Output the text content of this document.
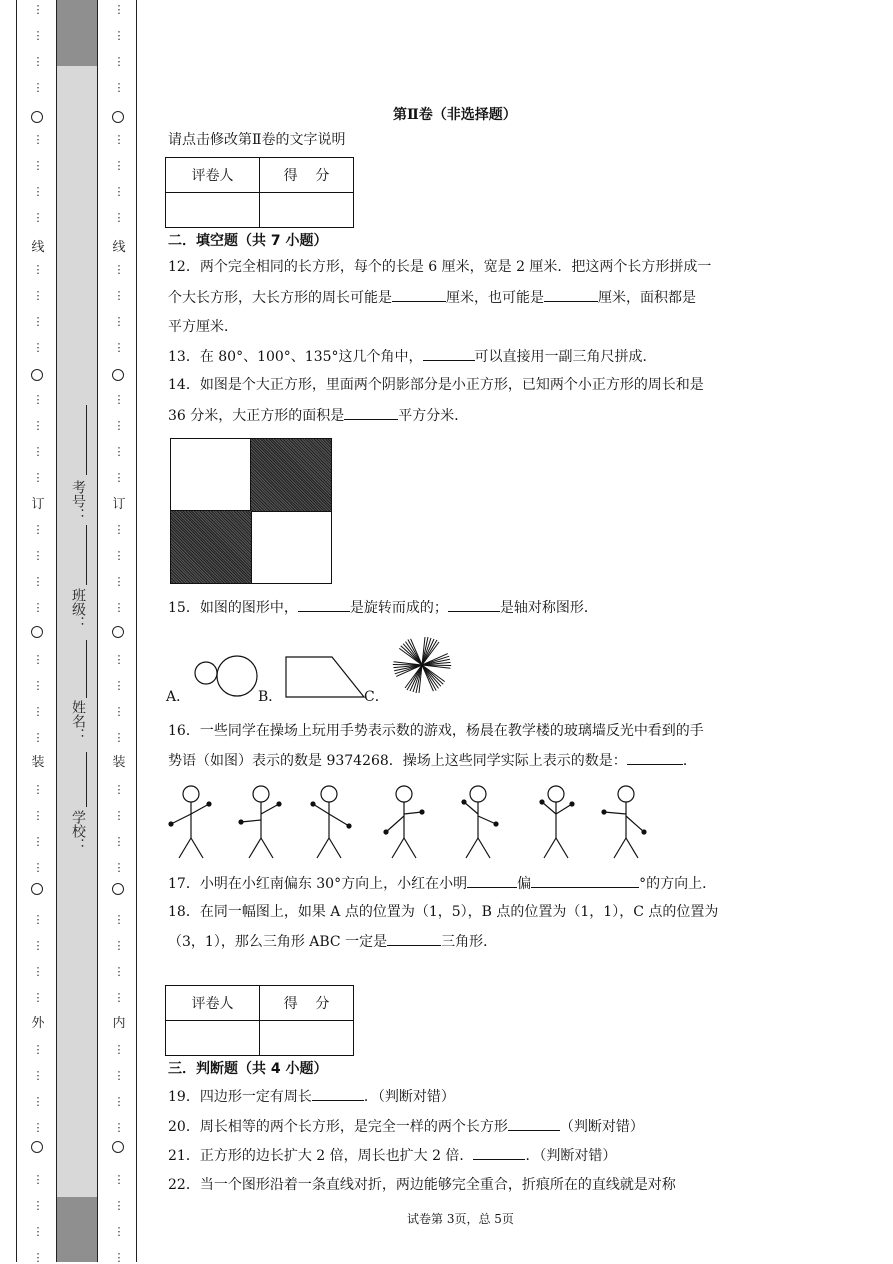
线
外
线
订
装
内
订
装
考号：
班级：
姓名：
学校：
第Ⅱ卷（非选择题）
请点击修改第Ⅱ卷的文字说明
评卷人	得    分

二．填空题（共 7 小题）
12．两个完全相同的长方形，每个的长是 6 厘米，宽是 2 厘米．把这两个长方形拼成一
个大长方形，大长方形的周长可能是	厘米，也可能是	厘米，面积都是
平方厘米．
13．在 80°、100°、135°这几个角中，	可以直接用一副三角尺拼成．
14．如图是个大正方形，里面两个阴影部分是小正方形，已知两个小正方形的周长和是
36 分米，大正方形的面积是	平方分米．
15．如图的图形中，	是旋转而成的；	是轴对称图形．
A．	B．	C．
16．一些同学在操场上玩用手势表示数的游戏，杨晨在教学楼的玻璃墙反光中看到的手
势语（如图）表示的数是 9374268．操场上这些同学实际上表示的数是：	．
17．小明在小红南偏东 30°方向上，小红在小明	偏	°的方向上．
18．在同一幅图上，如果 A 点的位置为（1，5），B 点的位置为（1，1），C 点的位置为
（3，1），那么三角形 ABC 一定是	三角形．
评卷人	得    分

三．判断题（共 4 小题）
19．四边形一定有周长	．（判断对错）
20．周长相等的两个长方形，是完全一样的两个长方形	（判断对错）
21．正方形的边长扩大 2 倍，周长也扩大 2 倍．	．（判断对错）
22．当一个图形沿着一条直线对折，两边能够完全重合，折痕所在的直线就是对称
试卷第 3页，总 5页
⋮
⋮
⋮
⋮
⋮
⋮
⋮
⋮
⋮
⋮
⋮
⋮
⋮
⋮
⋮
⋮
⋮
⋮
⋮
⋮
⋮
⋮
⋮
⋮
⋮
⋮
⋮
⋮
⋮
⋮
⋮
⋮
⋮
⋮
⋮
⋮
⋮
⋮
⋮
⋮
⋮
⋮
⋮
⋮
⋮
⋮
⋮
⋮
⋮
⋮
⋮
⋮
⋮
⋮
⋮
⋮
⋮
⋮
⋮
⋮
⋮
⋮
⋮
⋮
⋮
⋮
⋮
⋮
⋮
⋮
⋮
⋮
⋮
⋮
⋮
⋮
⋮
⋮
⋮
⋮
